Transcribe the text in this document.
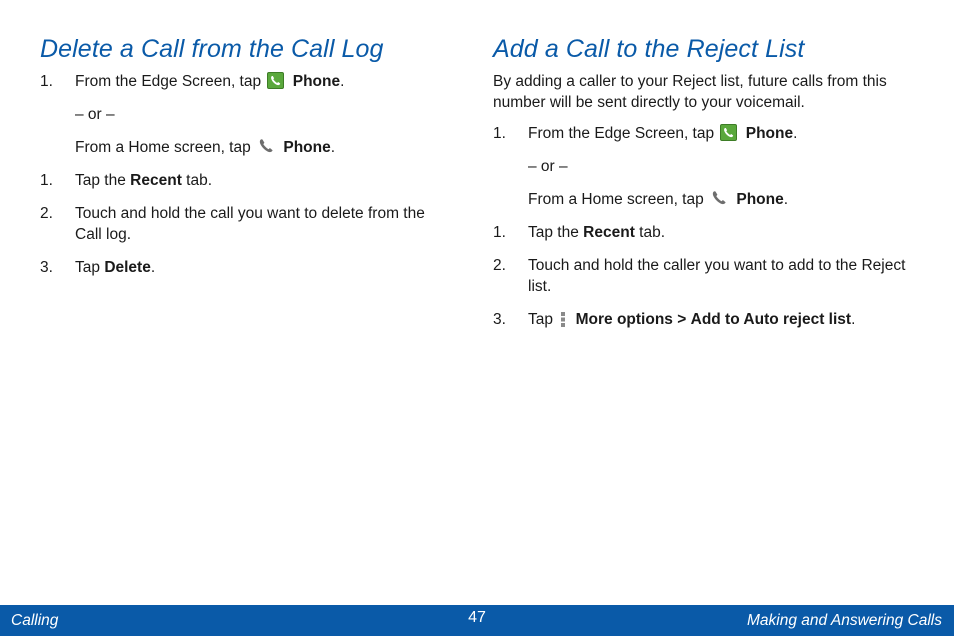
Delete a Call from the Call Log
1. From the Edge Screen, tap Phone.
– or –
From a Home screen, tap Phone.
1. Tap the Recent tab.
2. Touch and hold the call you want to delete from the Call log.
3. Tap Delete.
Add a Call to the Reject List

By adding a caller to your Reject list, future calls from this number will be sent directly to your voicemail.

1. From the Edge Screen, tap Phone.
– or –
From a Home screen, tap Phone.
1. Tap the Recent tab.
2. Touch and hold the caller you want to add to the Reject list.
3. Tap More options > Add to Auto reject list.
Calling	47	Making and Answering Calls
